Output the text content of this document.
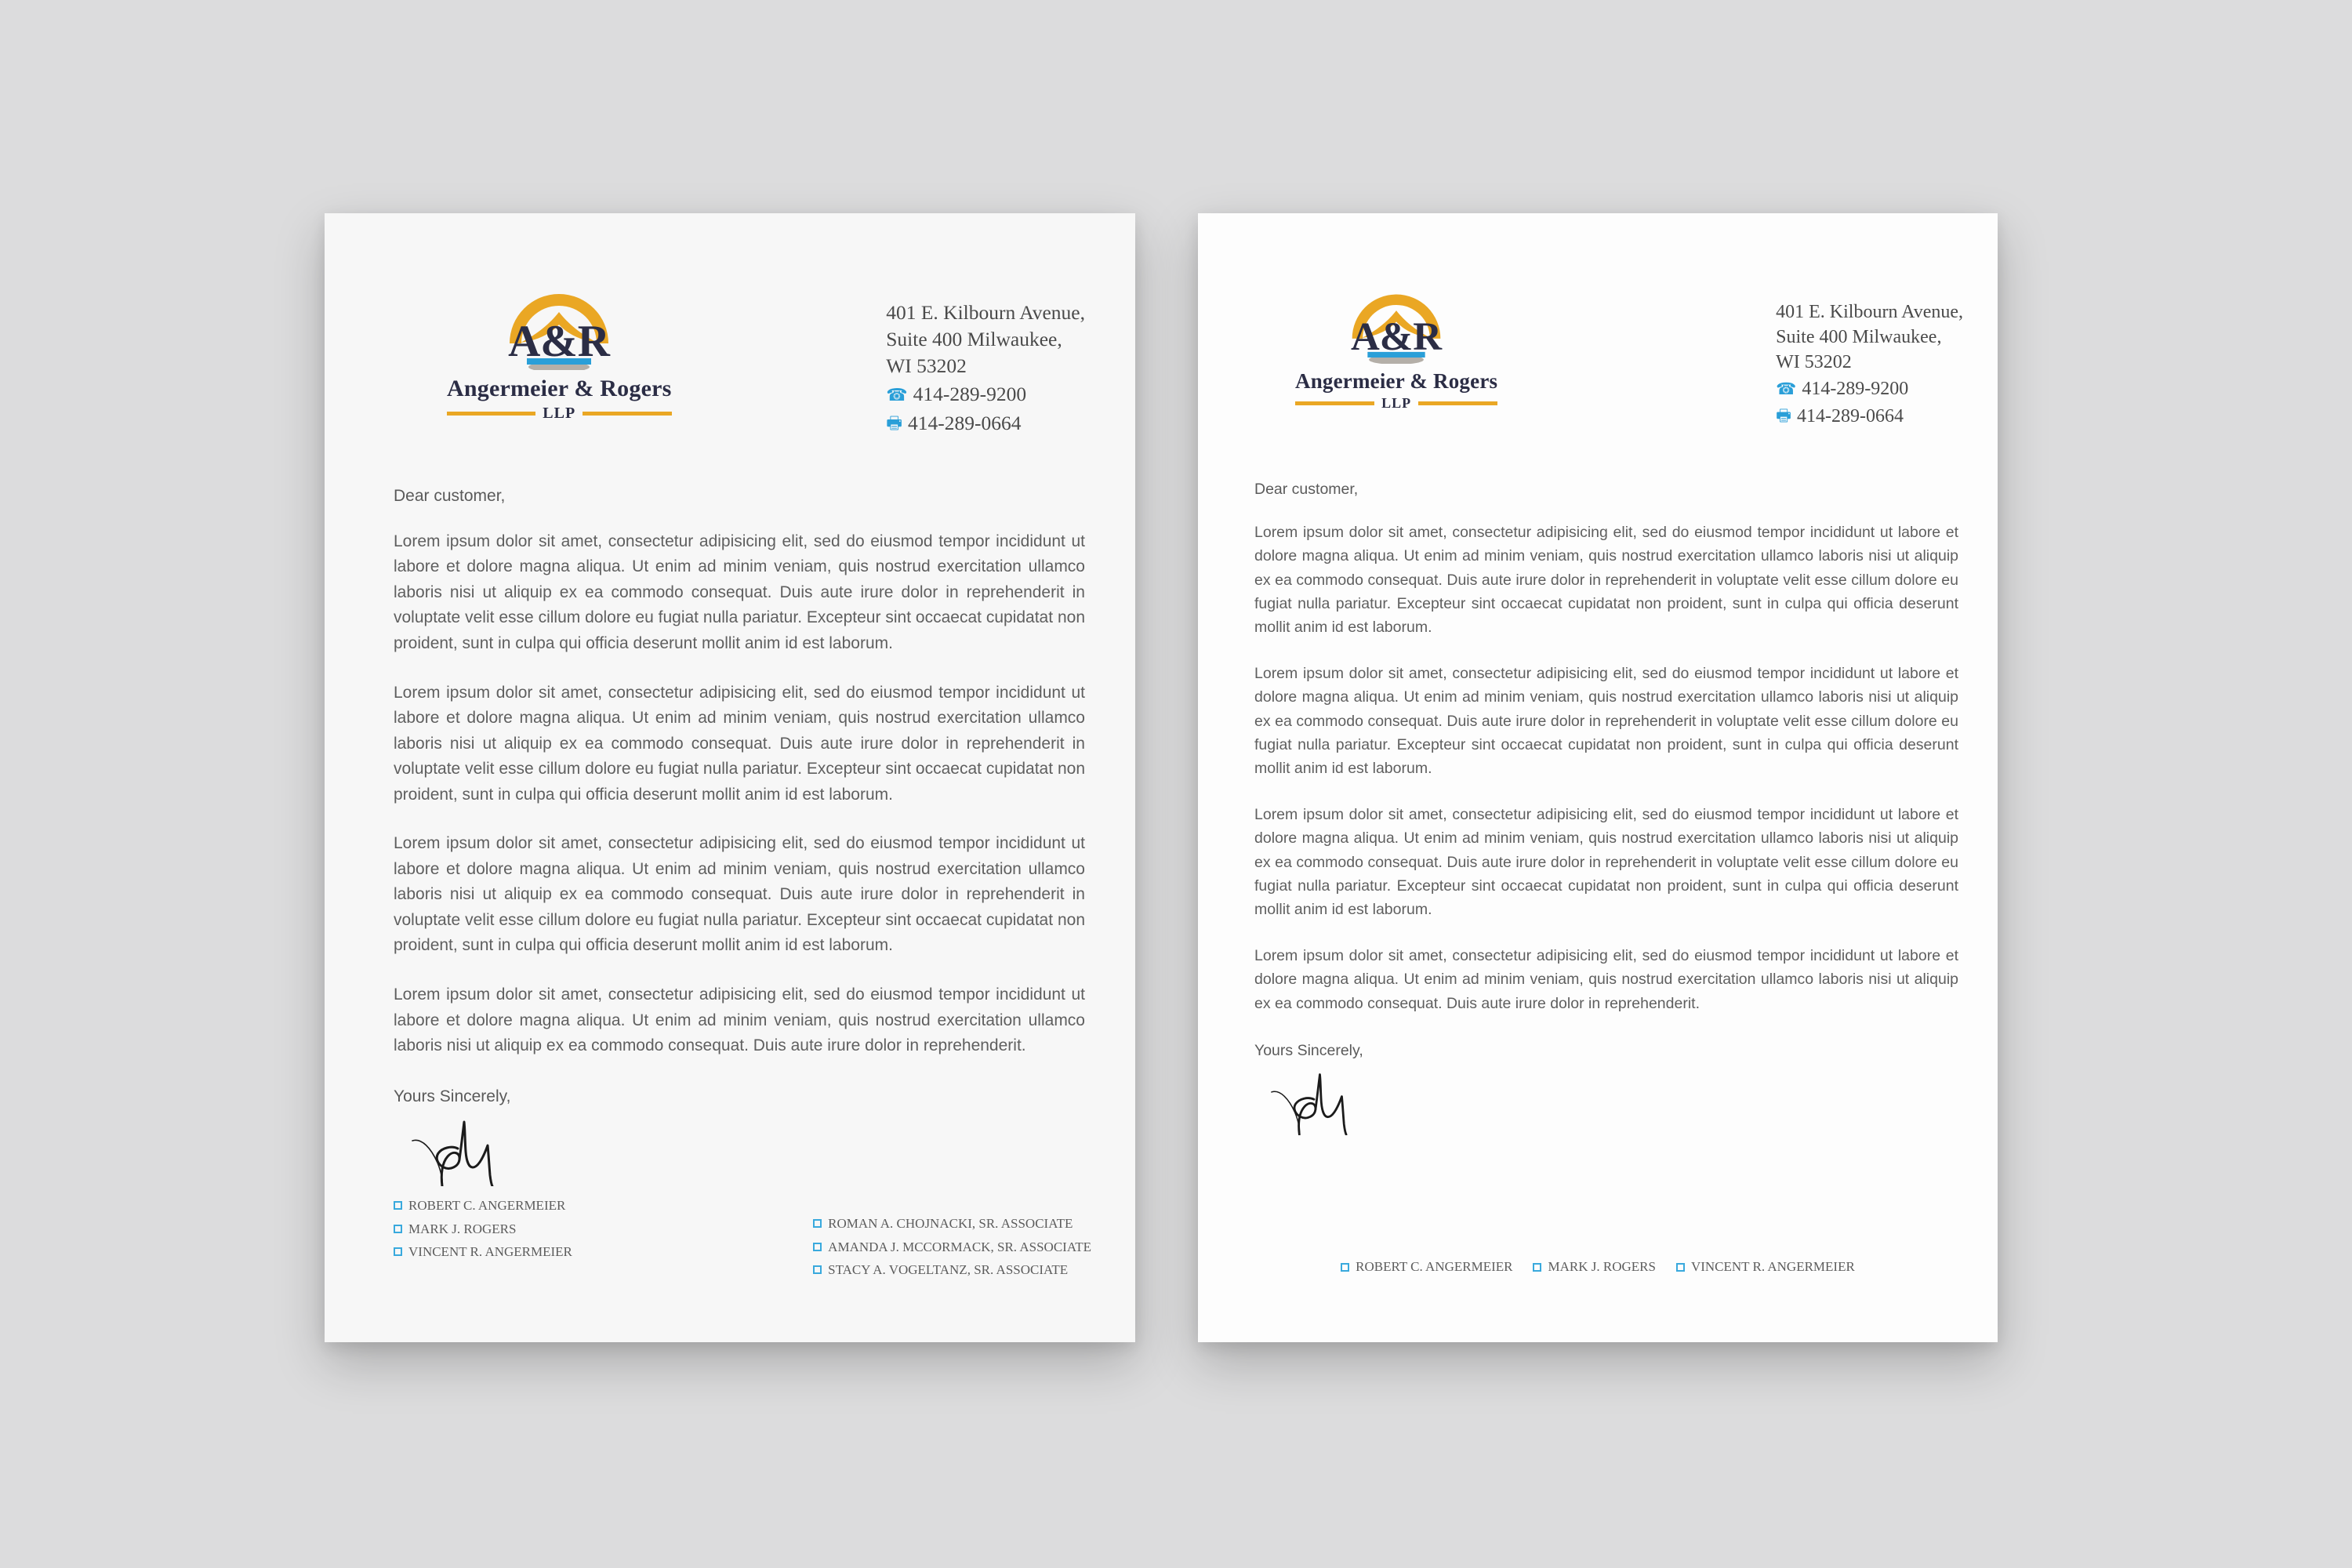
A&R
Angermeier & Rogers
LLP
401 E. Kilbourn Avenue,
Suite 400 Milwaukee,
WI 53202
☎ 414-289-9200
🖶 414-289-0664
Dear customer,

Lorem ipsum dolor sit amet, consectetur adipisicing elit, sed do eiusmod tempor incididunt ut labore et dolore magna aliqua. Ut enim ad minim veniam, quis nostrud exercitation ullamco laboris nisi ut aliquip ex ea commodo consequat. Duis aute irure dolor in reprehenderit in voluptate velit esse cillum dolore eu fugiat nulla pariatur. Excepteur sint occaecat cupidatat non proident, sunt in culpa qui officia deserunt mollit anim id est laborum.

Lorem ipsum dolor sit amet, consectetur adipisicing elit, sed do eiusmod tempor incididunt ut labore et dolore magna aliqua. Ut enim ad minim veniam, quis nostrud exercitation ullamco laboris nisi ut aliquip ex ea commodo consequat. Duis aute irure dolor in reprehenderit in voluptate velit esse cillum dolore eu fugiat nulla pariatur. Excepteur sint occaecat cupidatat non proident, sunt in culpa qui officia deserunt mollit anim id est laborum.

Lorem ipsum dolor sit amet, consectetur adipisicing elit, sed do eiusmod tempor incididunt ut labore et dolore magna aliqua. Ut enim ad minim veniam, quis nostrud exercitation ullamco laboris nisi ut aliquip ex ea commodo consequat. Duis aute irure dolor in reprehenderit in voluptate velit esse cillum dolore eu fugiat nulla pariatur. Excepteur sint occaecat cupidatat non proident, sunt in culpa qui officia deserunt mollit anim id est laborum.

Lorem ipsum dolor sit amet, consectetur adipisicing elit, sed do eiusmod tempor incididunt ut labore et dolore magna aliqua. Ut enim ad minim veniam, quis nostrud exercitation ullamco laboris nisi ut aliquip ex ea commodo consequat. Duis aute irure dolor in reprehenderit.

Yours Sincerely,
ROBERT C. ANGERMEIER
MARK J. ROGERS
VINCENT R. ANGERMEIER
ROMAN A. CHOJNACKI, SR. ASSOCIATE
AMANDA J. MCCORMACK, SR. ASSOCIATE
STACY A. VOGELTANZ, SR. ASSOCIATE
A&R
Angermeier & Rogers
LLP
401 E. Kilbourn Avenue,
Suite 400 Milwaukee,
WI 53202
☎ 414-289-9200
🖶 414-289-0664
Dear customer,

Lorem ipsum dolor sit amet, consectetur adipisicing elit, sed do eiusmod tempor incididunt ut labore et dolore magna aliqua. Ut enim ad minim veniam, quis nostrud exercitation ullamco laboris nisi ut aliquip ex ea commodo consequat. Duis aute irure dolor in reprehenderit in voluptate velit esse cillum dolore eu fugiat nulla pariatur. Excepteur sint occaecat cupidatat non proident, sunt in culpa qui officia deserunt mollit anim id est laborum.

Lorem ipsum dolor sit amet, consectetur adipisicing elit, sed do eiusmod tempor incididunt ut labore et dolore magna aliqua. Ut enim ad minim veniam, quis nostrud exercitation ullamco laboris nisi ut aliquip ex ea commodo consequat. Duis aute irure dolor in reprehenderit in voluptate velit esse cillum dolore eu fugiat nulla pariatur. Excepteur sint occaecat cupidatat non proident, sunt in culpa qui officia deserunt mollit anim id est laborum.

Lorem ipsum dolor sit amet, consectetur adipisicing elit, sed do eiusmod tempor incididunt ut labore et dolore magna aliqua. Ut enim ad minim veniam, quis nostrud exercitation ullamco laboris nisi ut aliquip ex ea commodo consequat. Duis aute irure dolor in reprehenderit in voluptate velit esse cillum dolore eu fugiat nulla pariatur. Excepteur sint occaecat cupidatat non proident, sunt in culpa qui officia deserunt mollit anim id est laborum.

Lorem ipsum dolor sit amet, consectetur adipisicing elit, sed do eiusmod tempor incididunt ut labore et dolore magna aliqua. Ut enim ad minim veniam, quis nostrud exercitation ullamco laboris nisi ut aliquip ex ea commodo consequat. Duis aute irure dolor in reprehenderit.

Yours Sincerely,
ROBERT C. ANGERMEIER	MARK J. ROGERS	VINCENT R. ANGERMEIER
